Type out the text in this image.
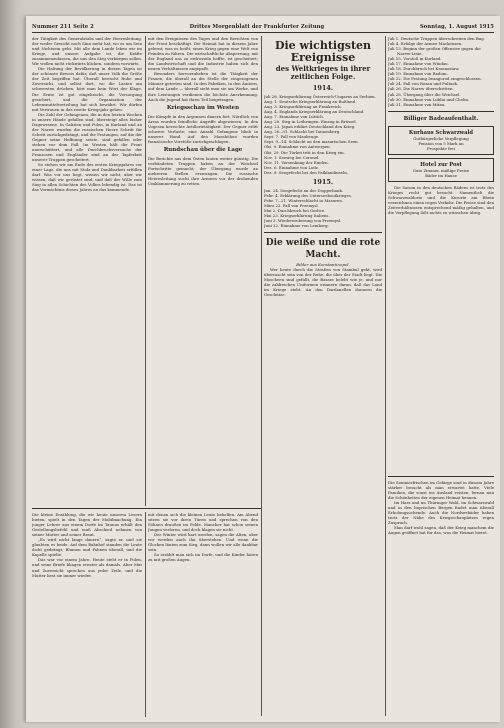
Nummer 211 Seite 2	Drittes Morgenblatt der Frankfurter Zeitung	Sonntag, 1. August 1915

der Tätigkeit des Generalstabs und der Heeresleitung, der weder Gewicht noch Sinn mehr hat, wo es um Sein und Nichtsein geht. Mit alle dem Lande leben wir im Kriege, und unsere Aufgabe ist, die Kräfte zusammenzufassen, die uns den Sieg verbürgen sollen. Wir wollen nicht rückwärts blicken, sondern vorwärts.

Die Haltung der Bevölkerung in diesen Tagen ist der schönste Beweis dafür, daß unser Volk die Größe der Zeit begriffen hat. Überall herrscht Ruhe und Zuversicht, und selbst dort, wo die Lasten am schwersten drücken, hört man kein Wort der Klage. Die Ernte ist gut eingebracht, die Versorgung gesichert, und die Organisation der Lebensmittelverteilung hat sich bewährt. Wir dürfen mit Vertrauen in das zweite Kriegsjahr gehen.

Die Zahl der Gefangenen, die in den letzten Wochen in unsere Hände gefallen sind, übersteigt alles bisher Dagewesene. In Galizien und Polen, in Kurland und an der Narew wurden die russischen Heere Schritt für Schritt zurückgedrängt, und die Festungen, auf die der Gegner seine Hoffnung setzte, sind gefallen oder stehen vor dem Fall. Im Westen hält die Front unerschüttert, und alle Durchbruchsversuche der Franzosen und Engländer sind an der Tapferkeit unserer Truppen gescheitert.

So stehen wir am Ende des ersten Kriegsjahres vor einer Lage, die uns mit Stolz und Dankbarkeit erfüllen darf. Was vor uns liegt, wissen wir nicht; aber wir wissen, daß wir gerüstet sind, und daß der Wille zum Sieg in allen Schichten des Volkes lebendig ist. Das ist das Vermächtnis dieses Jahres an das kommende.

mit den Ereignissen des Tages und den Berichten von der Front beschäftigt. Die Heimat hat in diesem Jahre gelernt, was es heißt, einen Krieg gegen eine Welt von Feinden zu führen. Die wirtschaftliche Absperrung, mit der England uns zu erdrosseln hoffte, ist gescheitert; die Landwirtschaft und die Industrie haben sich den neuen Verhältnissen angepaßt.

Besonders hervorzuheben ist die Tätigkeit der Frauen, die überall an die Stelle der eingezogenen Männer getreten sind. In den Fabriken, in den Ämtern, auf dem Lande — überall sieht man sie am Werke, und ihre Leistungen verdienen die höchste Anerkennung. Auch die Jugend hat ihren Teil beigetragen.

Kriegsschau im Westen

Die Kämpfe in den Argonnen dauern fort. Nördlich von Arras wurden feindliche Angriffe abgewiesen. In den Vogesen herrschte Artillerietätigkeit. Der Gegner erlitt schwere Verluste; eine Anzahl Gefangene blieb in unserer Hand. Auf den Maashöhen wurden französische Vorstöße zurückgeschlagen.

Rundschau über die Lage

Die Berichte aus dem Osten lauten weiter günstig. Die verbündeten Truppen haben an der Weichsel Fortschritte gemacht; der Übergang wurde an mehreren Stellen erzwungen. Die russische Heeresleitung sucht ihre Armeen vor der drohenden Umklammerung zu retten.

Die wichtigsten Ereignisse
des Weltkrieges in ihrer zeitlichen Folge.
1914.

Juli 28. Kriegserklärung Österreich-Ungarns an Serbien.

Aug. 1. Deutsche Kriegserklärung an Rußland.

Aug. 3. Kriegserklärung an Frankreich.

Aug. 4. Englands Kriegserklärung an Deutschland.

Aug. 7. Einnahme von Lüttich.

Aug. 20. Sieg in Lothringen. Einzug in Brüssel.

Aug. 23. Japan erklärt Deutschland den Krieg.

Aug. 26.–31. Schlacht bei Tannenberg.

Sept. 7. Fall von Maubeuge.

Sept. 9.–14. Schlacht an den masurischen Seen.

Okt. 9. Einnahme von Antwerpen.

Okt. 29. Die Türkei tritt in den Krieg ein.

Nov. 1. Seesieg bei Coronel.

Nov. 11. Versenkung der Emden.

Dez. 6. Einnahme von Lodz.

Dez. 8. Seegefecht bei den Falklandinseln.

1915.

Jan. 24. Seegefecht an der Doggerbank.

Febr. 4. Erklärung des Unterseebootkrieges.

Febr. 7.–21. Winterschlacht in Masuren.

März 22. Fall von Przemysl.

Mai 2. Durchbruch bei Gorlice.

Mai 23. Kriegserklärung Italiens.

Juni 3. Wiedereroberung von Przemysl.

Juni 22. Einnahme von Lemberg.

Die weiße und die rote Macht.
Bilder aus Konstantinopel.

Wer heute durch die Straßen von Stambul geht, wird überrascht sein von der Ruhe, die über der Stadt liegt. Die Moscheen sind gefüllt, die Basare belebt wie je, und nur die zahlreichen Uniformen erinnern daran, daß das Land im Kriege steht. An den Dardanellen donnern die Geschütze.

Juli 1. Deutsche Truppen überschreiten den Bug.

Juli 4. Erfolge der Armee Mackensen.

Juli 13. Beginn der großen Offensive gegen die Narew-Linie.

Juli 15. Vorstoß in Kurland.

Juli 17. Einnahme von Windau.

Juli 18. Durchbruch bei Krasnostaw.

Juli 19. Einnahme von Radom.

Juli 22. Die Festung Iwangorod eingeschlossen.

Juli 24. Fall von Rozan und Pultusk.

Juli 26. Die Narew überschritten.

Juli 28. Übergang über die Weichsel.

Juli 30. Einnahme von Lublin und Cholm.

Juli 31. Einnahme von Mitau.

Billiger Badeaufenthalt.
Kurhaus Schwarzwald
Gutbürgerliche Verpflegung
Pension von 5 Mark an
Prospekte frei
Hotel zur Post
Gute Zimmer, mäßige Preise
Bäder im Hause

Die Saison in den deutschen Bädern ist trotz des Krieges recht gut besucht. Namentlich die Schwarzwaldorte und die Kurorte am Rhein verzeichnen einen regen Verkehr. Die Preise sind den Zeitverhältnissen entsprechend mäßig gehalten, und die Verpflegung läßt nichts zu wünschen übrig.

Die kleine Erzählung, die wir heute unseren Lesern bieten, spielt in den Tagen der Mobilmachung. Ein junger Lehrer aus einem Dorfe im Taunus erhält den Gestellungsbefehl und muß Abschied nehmen von seiner Mutter und seiner Braut.

„Es wird nicht lange dauern“, sagte er, und sie glaubten es beide. Auf dem Bahnhof standen die Leute dicht gedrängt; Blumen und Fahnen überall, und die Kapelle spielte.

Das war vor einem Jahre. Heute steht er in Polen, und seine Briefe klingen ernster als damals. Aber Mut und Zuversicht sprechen aus jeder Zeile, und die Mutter liest sie immer wieder.

mit denen sich die kleinen Leute behelfen. Am Abend sitzen sie vor ihren Türen und sprechen von den Söhnen draußen im Felde. Mancher hat schon seinen Jungen verloren, und doch klagen sie nicht.

Der Winter wird hart werden, sagen die Alten, aber wir werden auch ihn überstehen. Und wenn die Glocken läuten zum Sieg, dann wollen wir alle dankbar sein.

So erzählt man sich im Dorfe, und die Kinder hören zu mit großen Augen.

Die Sommerfrischen im Gebirge sind in diesem Jahre stärker besucht als man erwartet hatte. Viele Familien, die sonst ins Ausland reisten, lernen nun die Schönheiten der eigenen Heimat kennen.

Im Harz und im Thüringer Wald, im Schwarzwald und in den bayrischen Bergen findet man überall Erholungsuchende. Auch die Nordseebäder haben trotz der Nähe des Kriegsschauplatzes regen Zuspruch.

Man darf wohl sagen, daß der Krieg manchem die Augen geöffnet hat für das, was die Heimat bietet.
